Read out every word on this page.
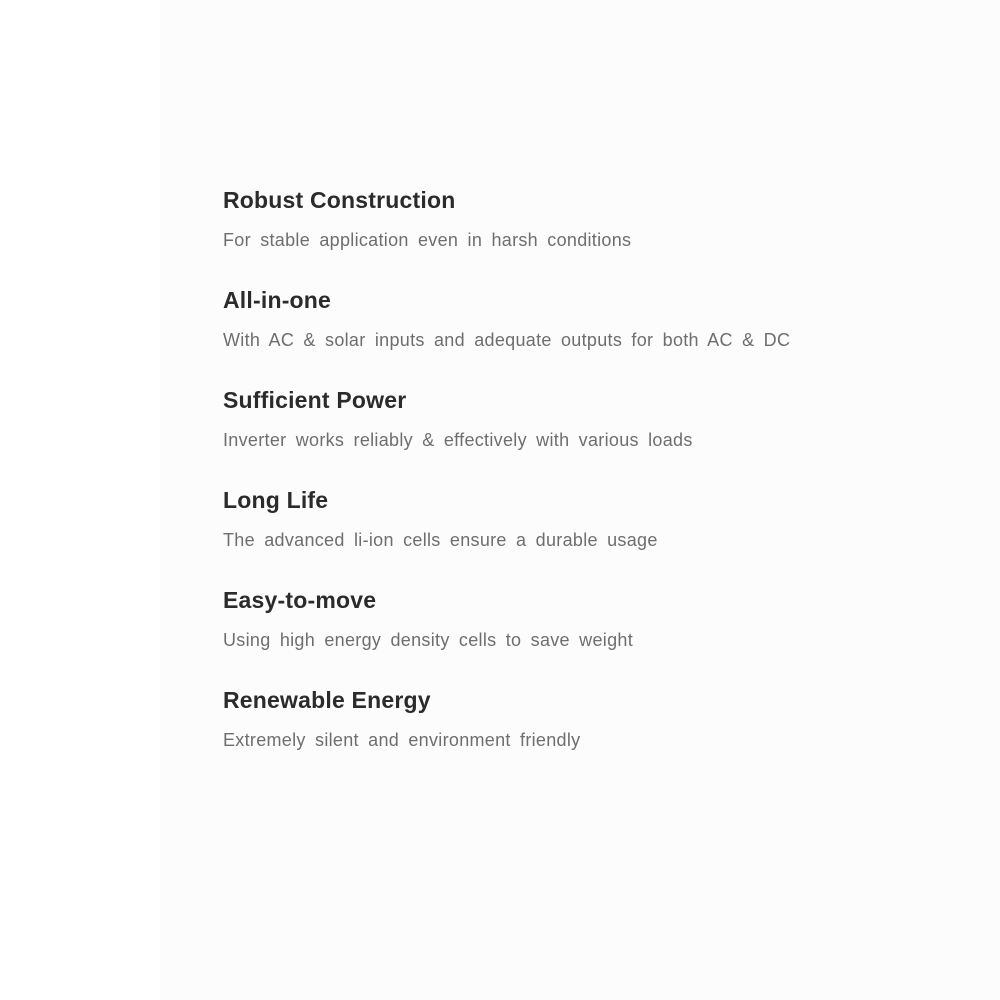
Robust Construction

For stable application even in harsh conditions

All-in-one

With AC & solar inputs and adequate outputs for both AC & DC

Sufficient Power

Inverter works reliably & effectively with various loads

Long Life

The advanced li-ion cells ensure a durable usage

Easy-to-move

Using high energy density cells to save weight

Renewable Energy

Extremely silent and environment friendly
